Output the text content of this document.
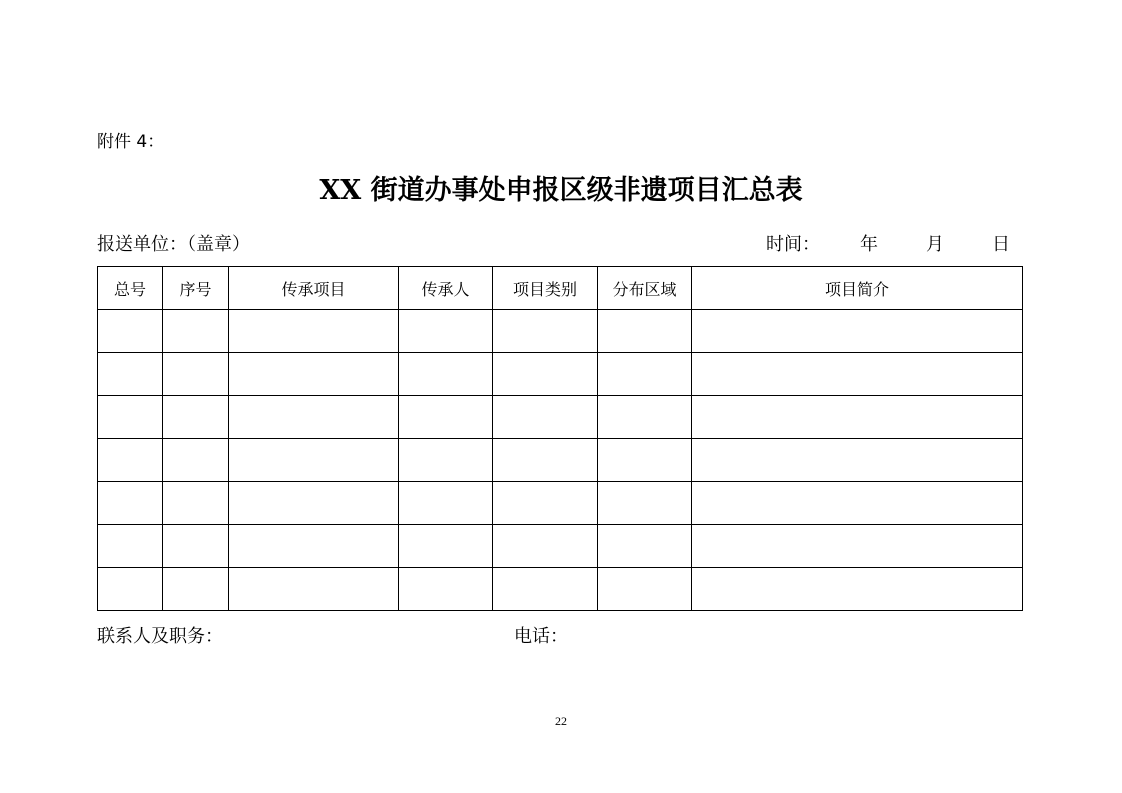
附件 4：
XX 街道办事处申报区级非遗项目汇总表
报送单位：（盖章）	时间： 年	月	日
总号	序号	传承项目	传承人	项目类别	分布区域	项目简介

联系人及职务：	电话：
22
